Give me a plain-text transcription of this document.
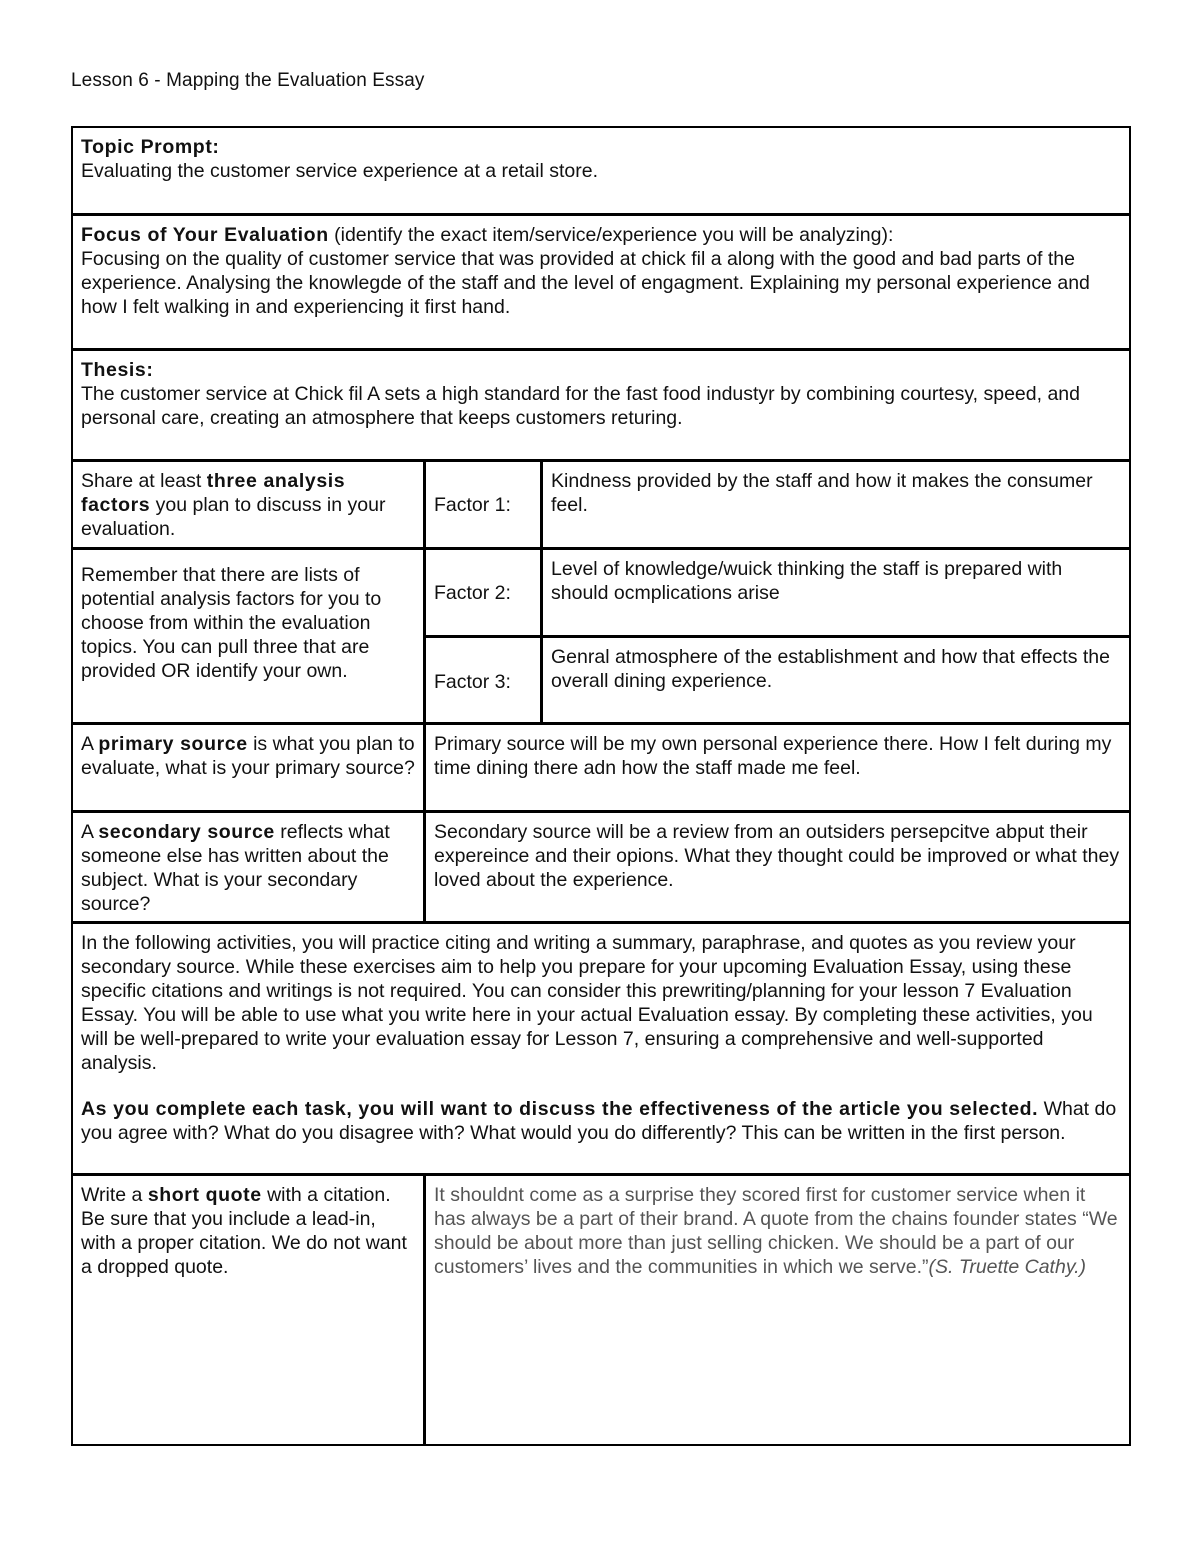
Lesson 6 - Mapping the Evaluation Essay
Topic Prompt:
Evaluating the customer service experience at a retail store.
Focus of Your Evaluation (identify the exact item/service/experience you will be analyzing):
Focusing on the quality of customer service that was provided at chick fil a along with the good and bad parts of the experience. Analysing the knowlegde of the staff and the level of engagment. Explaining my personal experience and how I felt walking in and experiencing it first hand.
Thesis:
The customer service at Chick fil A sets a high standard for the fast food industyr by combining courtesy, speed, and personal care, creating an atmosphere that keeps customers returing.

Share at least three analysis factors you plan to discuss in your evaluation.

Remember that there are lists of potential analysis factors for you to choose from within the evaluation topics. You can pull three that are provided OR identify your own.

Factor 1:
Kindness provided by the staff and how it makes the consumer feel.
Factor 2:
Level of knowledge/wuick thinking the staff is prepared with should ocmplications arise
Factor 3:
Genral atmosphere of the establishment and how that effects the overall dining experience.
A primary source is what you plan to evaluate, what is your primary source?
Primary source will be my own personal experience there. How I felt during my time dining there adn how the staff made me feel.
A secondary source reflects what someone else has written about the subject. What is your secondary source?
Secondary source will be a review from an outsiders persepcitve abput their expereince and their opions. What they thought could be improved or what they loved about the experience.

In the following activities, you will practice citing and writing a summary, paraphrase, and quotes as you review your secondary source. While these exercises aim to help you prepare for your upcoming Evaluation Essay, using these specific citations and writings is not required. You can consider this prewriting/planning for your lesson 7 Evaluation Essay. You will be able to use what you write here in your actual Evaluation essay. By completing these activities, you will be well-prepared to write your evaluation essay for Lesson 7, ensuring a comprehensive and well-supported analysis.

As you complete each task, you will want to discuss the effectiveness of the article you selected. What do you agree with? What do you disagree with? What would you do differently? This can be written in the first person.

Write a short quote with a citation. Be sure that you include a lead-in, with a proper citation. We do not want a dropped quote.
It shouldnt come as a surprise they scored first for customer service when it has always be a part of their brand. A quote from the chains founder states “We should be about more than just selling chicken. We should be a part of our customers’ lives and the communities in which we serve.”(S. Truette Cathy.)
